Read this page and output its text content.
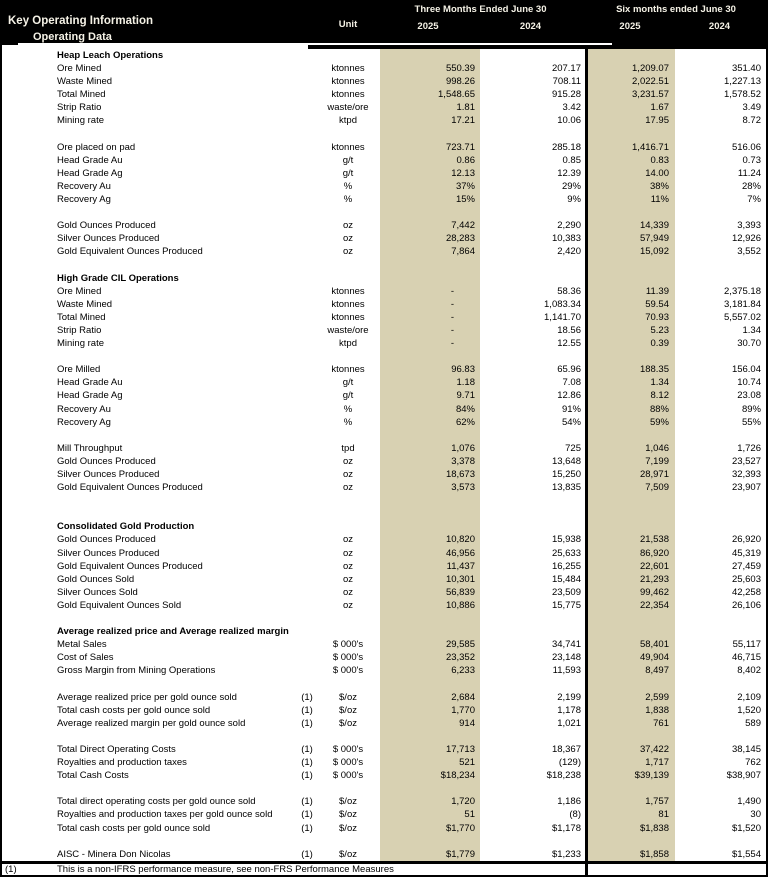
Key Operating Information
Operating Data
Unit
Three Months Ended June 30	Six months ended June 30
2025	2024	2025	2024
Heap Leach Operations
Ore Mined	ktonnes	550.39	207.17	1,209.07	351.40
Waste Mined	ktonnes	998.26	708.11	2,022.51	1,227.13
Total Mined	ktonnes	1,548.65	915.28	3,231.57	1,578.52
Strip Ratio	waste/ore	1.81	3.42	1.67	3.49
Mining rate	ktpd	17.21	10.06	17.95	8.72
Ore placed on pad	ktonnes	723.71	285.18	1,416.71	516.06
Head Grade Au	g/t	0.86	0.85	0.83	0.73
Head Grade Ag	g/t	12.13	12.39	14.00	11.24
Recovery Au	%	37%	29%	38%	28%
Recovery Ag	%	15%	9%	11%	7%
Gold Ounces Produced	oz	7,442	2,290	14,339	3,393
Silver Ounces Produced	oz	28,283	10,383	57,949	12,926
Gold Equivalent Ounces Produced	oz	7,864	2,420	15,092	3,552
High Grade CIL Operations
Ore Mined	ktonnes	-	58.36	11.39	2,375.18
Waste Mined	ktonnes	-	1,083.34	59.54	3,181.84
Total Mined	ktonnes	-	1,141.70	70.93	5,557.02
Strip Ratio	waste/ore	-	18.56	5.23	1.34
Mining rate	ktpd	-	12.55	0.39	30.70
Ore Milled	ktonnes	96.83	65.96	188.35	156.04
Head Grade Au	g/t	1.18	7.08	1.34	10.74
Head Grade Ag	g/t	9.71	12.86	8.12	23.08
Recovery Au	%	84%	91%	88%	89%
Recovery Ag	%	62%	54%	59%	55%
Mill Throughput	tpd	1,076	725	1,046	1,726
Gold Ounces Produced	oz	3,378	13,648	7,199	23,527
Silver Ounces Produced	oz	18,673	15,250	28,971	32,393
Gold Equivalent Ounces Produced	oz	3,573	13,835	7,509	23,907
Consolidated Gold Production
Gold Ounces Produced	oz	10,820	15,938	21,538	26,920
Silver Ounces Produced	oz	46,956	25,633	86,920	45,319
Gold Equivalent Ounces Produced	oz	11,437	16,255	22,601	27,459
Gold Ounces Sold	oz	10,301	15,484	21,293	25,603
Silver Ounces Sold	oz	56,839	23,509	99,462	42,258
Gold Equivalent Ounces Sold	oz	10,886	15,775	22,354	26,106
Average realized price and Average realized margin
Metal Sales	$ 000's	29,585	34,741	58,401	55,117
Cost of Sales	$ 000's	23,352	23,148	49,904	46,715
Gross Margin from Mining Operations	$ 000's	6,233	11,593	8,497	8,402
Average realized price per gold ounce sold	(1)	$/oz	2,684	2,199	2,599	2,109
Total cash costs per gold ounce sold	(1)	$/oz	1,770	1,178	1,838	1,520
Average realized margin per gold ounce sold	(1)	$/oz	914	1,021	761	589
Total Direct Operating Costs	(1)	$ 000's	17,713	18,367	37,422	38,145
Royalties and production taxes	(1)	$ 000's	521	(129)	1,717	762
Total Cash Costs	(1)	$ 000's	$18,234	$18,238	$39,139	$38,907
Total direct operating costs per gold ounce sold	(1)	$/oz	1,720	1,186	1,757	1,490
Royalties and production taxes per gold ounce sold	(1)	$/oz	51	(8)	81	30
Total cash costs per gold ounce sold	(1)	$/oz	$1,770	$1,178	$1,838	$1,520
AISC - Minera Don Nicolas	(1)	$/oz	$1,779	$1,233	$1,858	$1,554
(1)	This is a non-IFRS performance measure, see non-FRS Performance Measures
